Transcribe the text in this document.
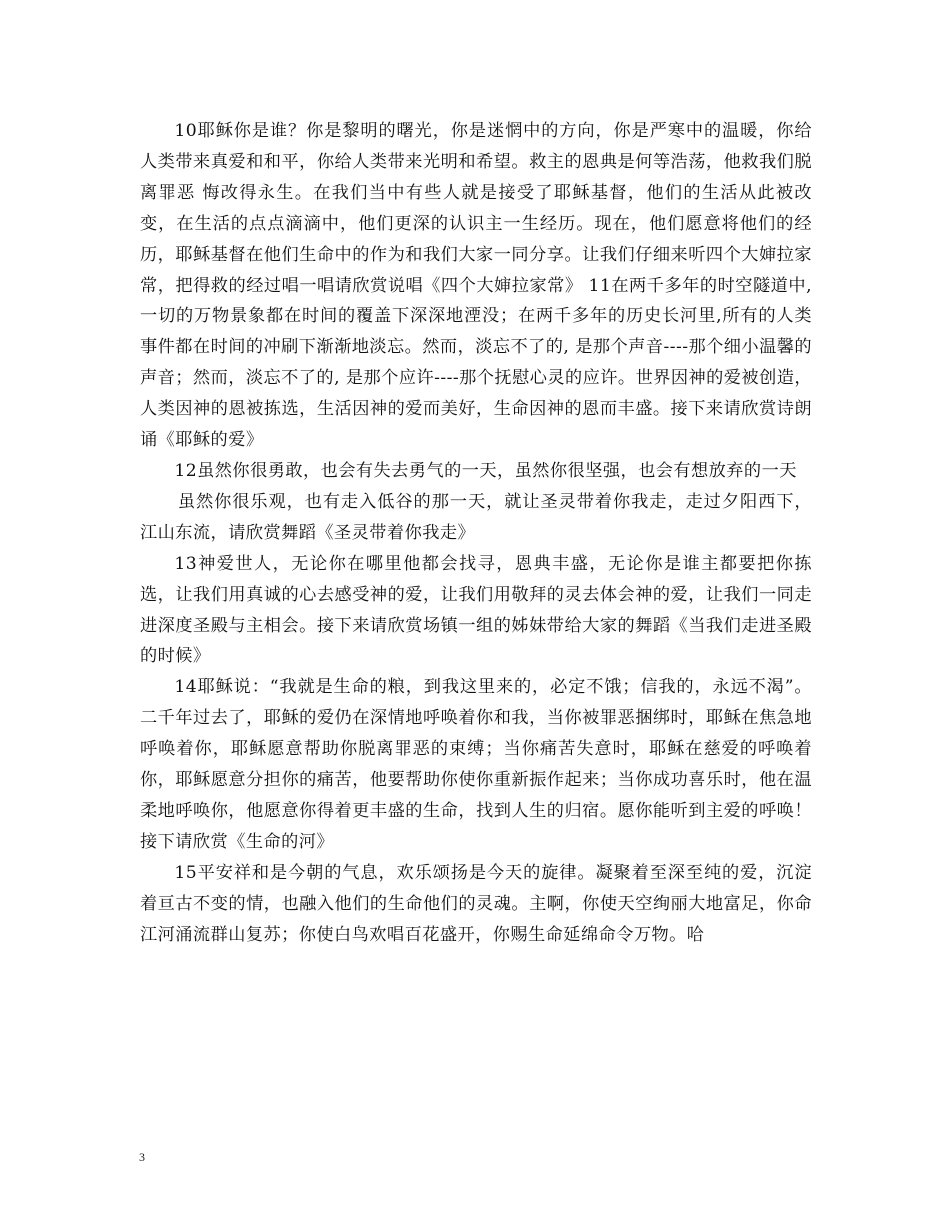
10耶稣你是谁？你是黎明的曙光，你是迷惘中的方向，你是严寒中的温暖，你给人类带来真爱和和平，你给人类带来光明和希望。救主的恩典是何等浩荡，他救我们脱离罪恶 悔改得永生。在我们当中有些人就是接受了耶稣基督，他们的生活从此被改变，在生活的点点滴滴中，他们更深的认识主一生经历。现在，他们愿意将他们的经历，耶稣基督在他们生命中的作为和我们大家一同分享。让我们仔细来听四个大婶拉家常，把得救的经过唱一唱请欣赏说唱《四个大婶拉家常》 11在两千多年的时空隧道中,一切的万物景象都在时间的覆盖下深深地湮没；在两千多年的历史长河里,所有的人类事件都在时间的冲刷下渐渐地淡忘。然而，淡忘不了的, 是那个声音----那个细小温馨的声音；然而，淡忘不了的, 是那个应许----那个抚慰心灵的应许。世界因神的爱被创造，人类因神的恩被拣选，生活因神的爱而美好，生命因神的恩而丰盛。接下来请欣赏诗朗诵《耶稣的爱》

12虽然你很勇敢，也会有失去勇气的一天，虽然你很坚强，也会有想放弃的一天

虽然你很乐观，也有走入低谷的那一天，就让圣灵带着你我走，走过夕阳西下，江山东流，请欣赏舞蹈《圣灵带着你我走》

13神爱世人，无论你在哪里他都会找寻，恩典丰盛，无论你是谁主都要把你拣选，让我们用真诚的心去感受神的爱，让我们用敬拜的灵去体会神的爱，让我们一同走进深度圣殿与主相会。接下来请欣赏场镇一组的姊妹带给大家的舞蹈《当我们走进圣殿的时候》

14耶稣说：“我就是生命的粮，到我这里来的，必定不饿；信我的，永远不渴”。二千年过去了，耶稣的爱仍在深情地呼唤着你和我，当你被罪恶捆绑时，耶稣在焦急地呼唤着你，耶稣愿意帮助你脱离罪恶的束缚；当你痛苦失意时，耶稣在慈爱的呼唤着你，耶稣愿意分担你的痛苦，他要帮助你使你重新振作起来；当你成功喜乐时，他在温柔地呼唤你，他愿意你得着更丰盛的生命，找到人生的归宿。愿你能听到主爱的呼唤！接下请欣赏《生命的河》

15平安祥和是今朝的气息，欢乐颂扬是今天的旋律。凝聚着至深至纯的爱，沉淀着亘古不变的情，也融入他们的生命他们的灵魂。主啊，你使天空绚丽大地富足，你命江河涌流群山复苏；你使白鸟欢唱百花盛开，你赐生命延绵命令万物。哈

3
